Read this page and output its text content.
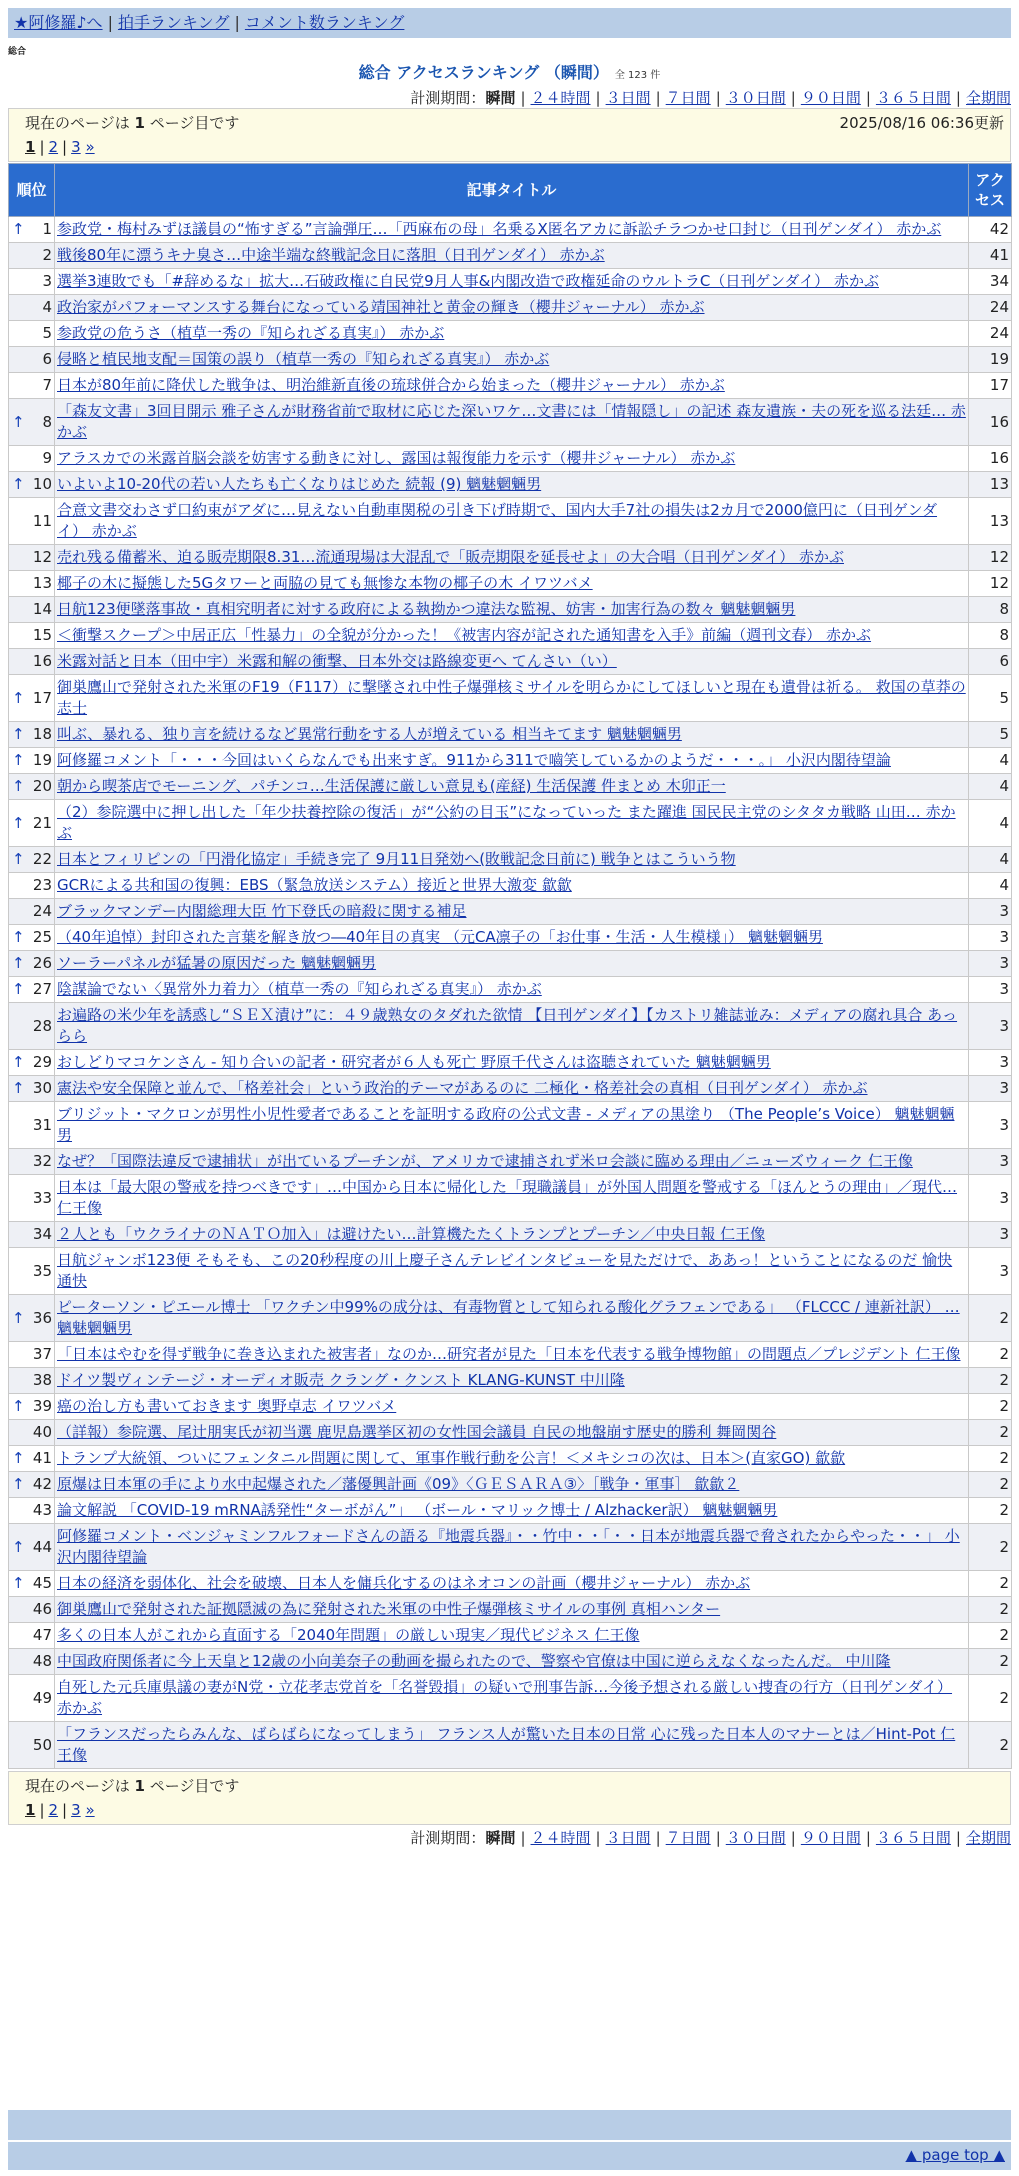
★阿修羅♪へ | 拍手ランキング | コメント数ランキング
総合
総合 アクセスランキング （瞬間） 全 123 件
計測期間：瞬間 | ２４時間 | ３日間 | ７日間 | ３０日間 | ９０日間 | ３６５日間 | 全期間
現在のページは 1 ページ目です	2025/08/16 06:36更新
1 | 2 | 3 »
順位	記事タイトル	アクセス

↑ 1	参政党・梅村みずほ議員の“怖すぎる”言論弾圧…「西麻布の母」名乗るX匿名アカに訴訟チラつかせ口封じ（日刊ゲンダイ） 赤かぶ	42
2	戦後80年に漂うキナ臭さ…中途半端な終戦記念日に落胆（日刊ゲンダイ） 赤かぶ	41
3	選挙3連敗でも「#辞めるな」拡大…石破政権に自民党9月人事&内閣改造で政権延命のウルトラC（日刊ゲンダイ） 赤かぶ	34
4	政治家がパフォーマンスする舞台になっている靖国神社と黄金の輝き（櫻井ジャーナル） 赤かぶ	24
5	参政党の危うさ（植草一秀の『知られざる真実』） 赤かぶ	24
6	侵略と植民地支配＝国策の誤り（植草一秀の『知られざる真実』） 赤かぶ	19
7	日本が80年前に降伏した戦争は、明治維新直後の琉球併合から始まった（櫻井ジャーナル） 赤かぶ	17

↑ 8	「森友文書」3回目開示 雅子さんが財務省前で取材に応じた深いワケ…文書には「情報隠し」の記述 森友遺族・夫の死を巡る法廷… 赤かぶ	16
9	アラスカでの米露首脳会談を妨害する動きに対し、露国は報復能力を示す（櫻井ジャーナル） 赤かぶ	16

↑ 10	いよいよ10-20代の若い人たちも亡くなりはじめた 続報 (9) 魑魅魍魎男	13
11	合意文書交わさず口約束がアダに…見えない自動車関税の引き下げ時期で、国内大手7社の損失は2カ月で2000億円に（日刊ゲンダイ） 赤かぶ	13
12	売れ残る備蓄米、迫る販売期限8.31…流通現場は大混乱で「販売期限を延長せよ」の大合唱（日刊ゲンダイ） 赤かぶ	12
13	椰子の木に擬態した5Gタワーと両脇の見ても無惨な本物の椰子の木 イワツバメ	12
14	日航123便墜落事故・真相究明者に対する政府による執拗かつ違法な監視、妨害・加害行為の数々 魑魅魍魎男	8
15	＜衝撃スクープ＞中居正広「性暴力」の全貌が分かった！《被害内容が記された通知書を入手》前編（週刊文春） 赤かぶ	8
16	米露対話と日本（田中宇）米露和解の衝撃、日本外交は路線変更へ てんさい（い）	6

↑ 17	御巣鷹山で発射された米軍のF19（F117）に撃墜され中性子爆弾核ミサイルを明らかにしてほしいと現在も遺骨は祈る。 救国の草莽の志士	5

↑ 18	叫ぶ、暴れる、独り言を続けるなど異常行動をする人が増えている 相当キてます 魑魅魍魎男	5

↑ 19	阿修羅コメント「・・・今回はいくらなんでも出来すぎ。911から311で嚙笑しているかのようだ・・・。」 小沢内閣待望論	4

↑ 20	朝から喫茶店でモーニング、パチンコ…生活保護に厳しい意見も(産経) 生活保護 件まとめ 木卯正一	4

↑ 21	（2）参院選中に押し出した「年少扶養控除の復活」が“公約の目玉”になっていった また躍進 国民民主党のシタタカ戦略 山田… 赤かぶ	4

↑ 22	日本とフィリピンの「円滑化協定」手続き完了 9月11日発効へ(敗戦記念日前に) 戦争とはこういう物	4
23	GCRによる共和国の復興：EBS（緊急放送システム）接近と世界大激変 歙歙	4
24	ブラックマンデー内閣総理大臣 竹下登氏の暗殺に関する補足	3

↑ 25	（40年追悼）封印された言葉を解き放つ―40年目の真実 （元CA凛子の「お仕事・生活・人生模様」） 魑魅魍魎男	3

↑ 26	ソーラーパネルが猛暑の原因だった 魑魅魍魎男	3

↑ 27	陰謀論でない〈異常外力着力〉（植草一秀の『知られざる真実』） 赤かぶ	3
28	お遍路の米少年を誘惑し“ＳＥＸ漬け”に：４９歳熟女のタダれた欲情 【日刊ゲンダイ】【カストリ雑誌並み：メディアの腐れ具合 あっらら	3

↑ 29	おしどりマコケンさん - 知り合いの記者・研究者が６人も死亡 野原千代さんは盗聴されていた 魑魅魍魎男	3

↑ 30	憲法や安全保障と並んで、「格差社会」という政治的テーマがあるのに 二極化・格差社会の真相（日刊ゲンダイ） 赤かぶ	3
31	ブリジット・マクロンが男性小児性愛者であることを証明する政府の公式文書 - メディアの黒塗り （The People’s Voice） 魑魅魍魎男	3
32	なぜ？「国際法違反で逮捕状」が出ているプーチンが、アメリカで逮捕されず米ロ会談に臨める理由／ニューズウィーク 仁王像	3
33	日本は「最大限の警戒を持つべきです」…中国から日本に帰化した「現職議員」が外国人問題を警戒する「ほんとうの理由」／現代… 仁王像	3
34	２人とも「ウクライナのＮＡＴＯ加入」は避けたい…計算機たたくトランプとプーチン／中央日報 仁王像	3
35	日航ジャンボ123便 そもそも、この20秒程度の川上慶子さんテレビインタビューを見ただけで、ああっ！ということになるのだ 愉快通快	3

↑ 36	ピーターソン・ピエール博士 「ワクチン中99%の成分は、有毒物質として知られる酸化グラフェンである」 （FLCCC / 連新社訳） … 魑魅魍魎男	2
37	「日本はやむを得ず戦争に巻き込まれた被害者」なのか…研究者が見た「日本を代表する戦争博物館」の問題点／プレジデント 仁王像	2
38	ドイツ製ヴィンテージ・オーディオ販売 クラング・クンスト KLANG-KUNST 中川隆	2

↑ 39	癌の治し方も書いておきます 奥野卓志 イワツバメ	2
40	（詳報）参院選、尾辻朋実氏が初当選 鹿児島選挙区初の女性国会議員 自民の地盤崩す歴史的勝利 舞岡関谷	2

↑ 41	トランプ大統領、ついにフェンタニル問題に関して、軍事作戦行動を公言！＜メキシコの次は、日本＞(直家GO) 歙歙	2

↑ 42	原爆は日本軍の手により水中起爆された／藩優興計画《09》〈ＧＥＳＡＲＡ③〉［戦争・軍事］ 歙歙２	2
43	論文解説 「COVID-19 mRNA誘発性“ターボがん”」 （ボール・マリック博士 / Alzhacker訳） 魑魅魍魎男	2

↑ 44	阿修羅コメント・ベンジャミンフルフォードさんの語る『地震兵器』・・竹中・・「・・日本が地震兵器で脅されたからやった・・」 小沢内閣待望論	2

↑ 45	日本の経済を弱体化、社会を破壊、日本人を傭兵化するのはネオコンの計画（櫻井ジャーナル） 赤かぶ	2
46	御巣鷹山で発射された証拠隠滅の為に発射された米軍の中性子爆弾核ミサイルの事例 真相ハンター	2
47	多くの日本人がこれから直面する「2040年問題」の厳しい現実／現代ビジネス 仁王像	2
48	中国政府関係者に今上天皇と12歳の小向美奈子の動画を撮られたので、警察や官僚は中国に逆らえなくなったんだ。 中川隆	2
49	自死した元兵庫県議の妻がN党・立花孝志党首を「名誉毀損」の疑いで刑事告訴…今後予想される厳しい捜査の行方（日刊ゲンダイ） 赤かぶ	2
50	「フランスだったらみんな、ばらばらになってしまう」 フランス人が驚いた日本の日常 心に残った日本人のマナーとは／Hint-Pot 仁王像	2
現在のページは 1 ページ目です
1 | 2 | 3 »
計測期間：瞬間 | ２４時間 | ３日間 | ７日間 | ３０日間 | ９０日間 | ３６５日間 | 全期間
▲ page top ▲
